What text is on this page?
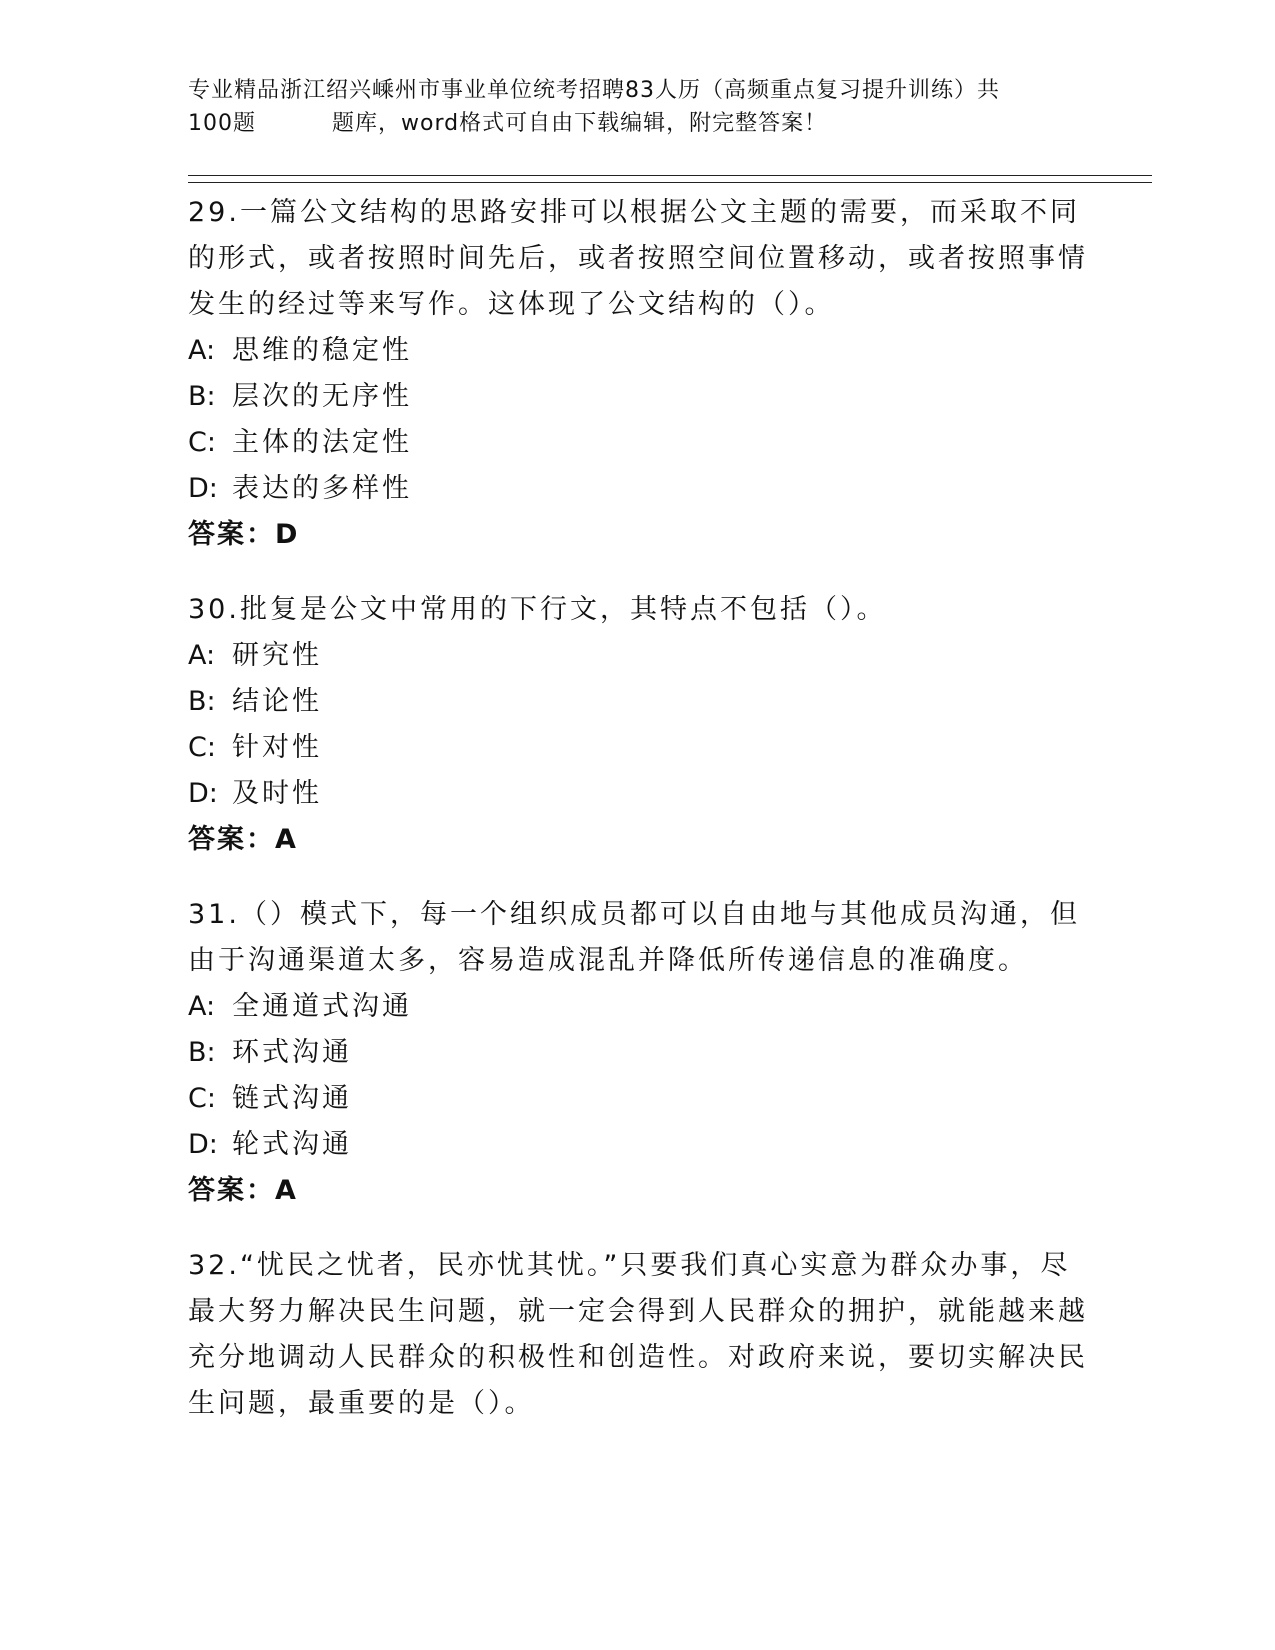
专业精品浙江绍兴嵊州市事业单位统考招聘83人历（高频重点复习提升训练）共
100题	题库，word格式可自由下载编辑，附完整答案！

29.一篇公文结构的思路安排可以根据公文主题的需要，而采取不同的形式，或者按照时间先后，或者按照空间位置移动，或者按照事情发生的经过等来写作。这体现了公文结构的（）。

A: 思维的稳定性

B: 层次的无序性

C: 主体的法定性

D: 表达的多样性

答案：D

30.批复是公文中常用的下行文，其特点不包括（）。

A: 研究性

B: 结论性

C: 针对性

D: 及时性

答案：A

31.（）模式下，每一个组织成员都可以自由地与其他成员沟通，但由于沟通渠道太多，容易造成混乱并降低所传递信息的准确度。

A: 全通道式沟通

B: 环式沟通

C: 链式沟通

D: 轮式沟通

答案：A

32.“忧民之忧者，民亦忧其忧。”只要我们真心实意为群众办事，尽最大努力解决民生问题，就一定会得到人民群众的拥护，就能越来越充分地调动人民群众的积极性和创造性。对政府来说，要切实解决民生问题，最重要的是（）。
